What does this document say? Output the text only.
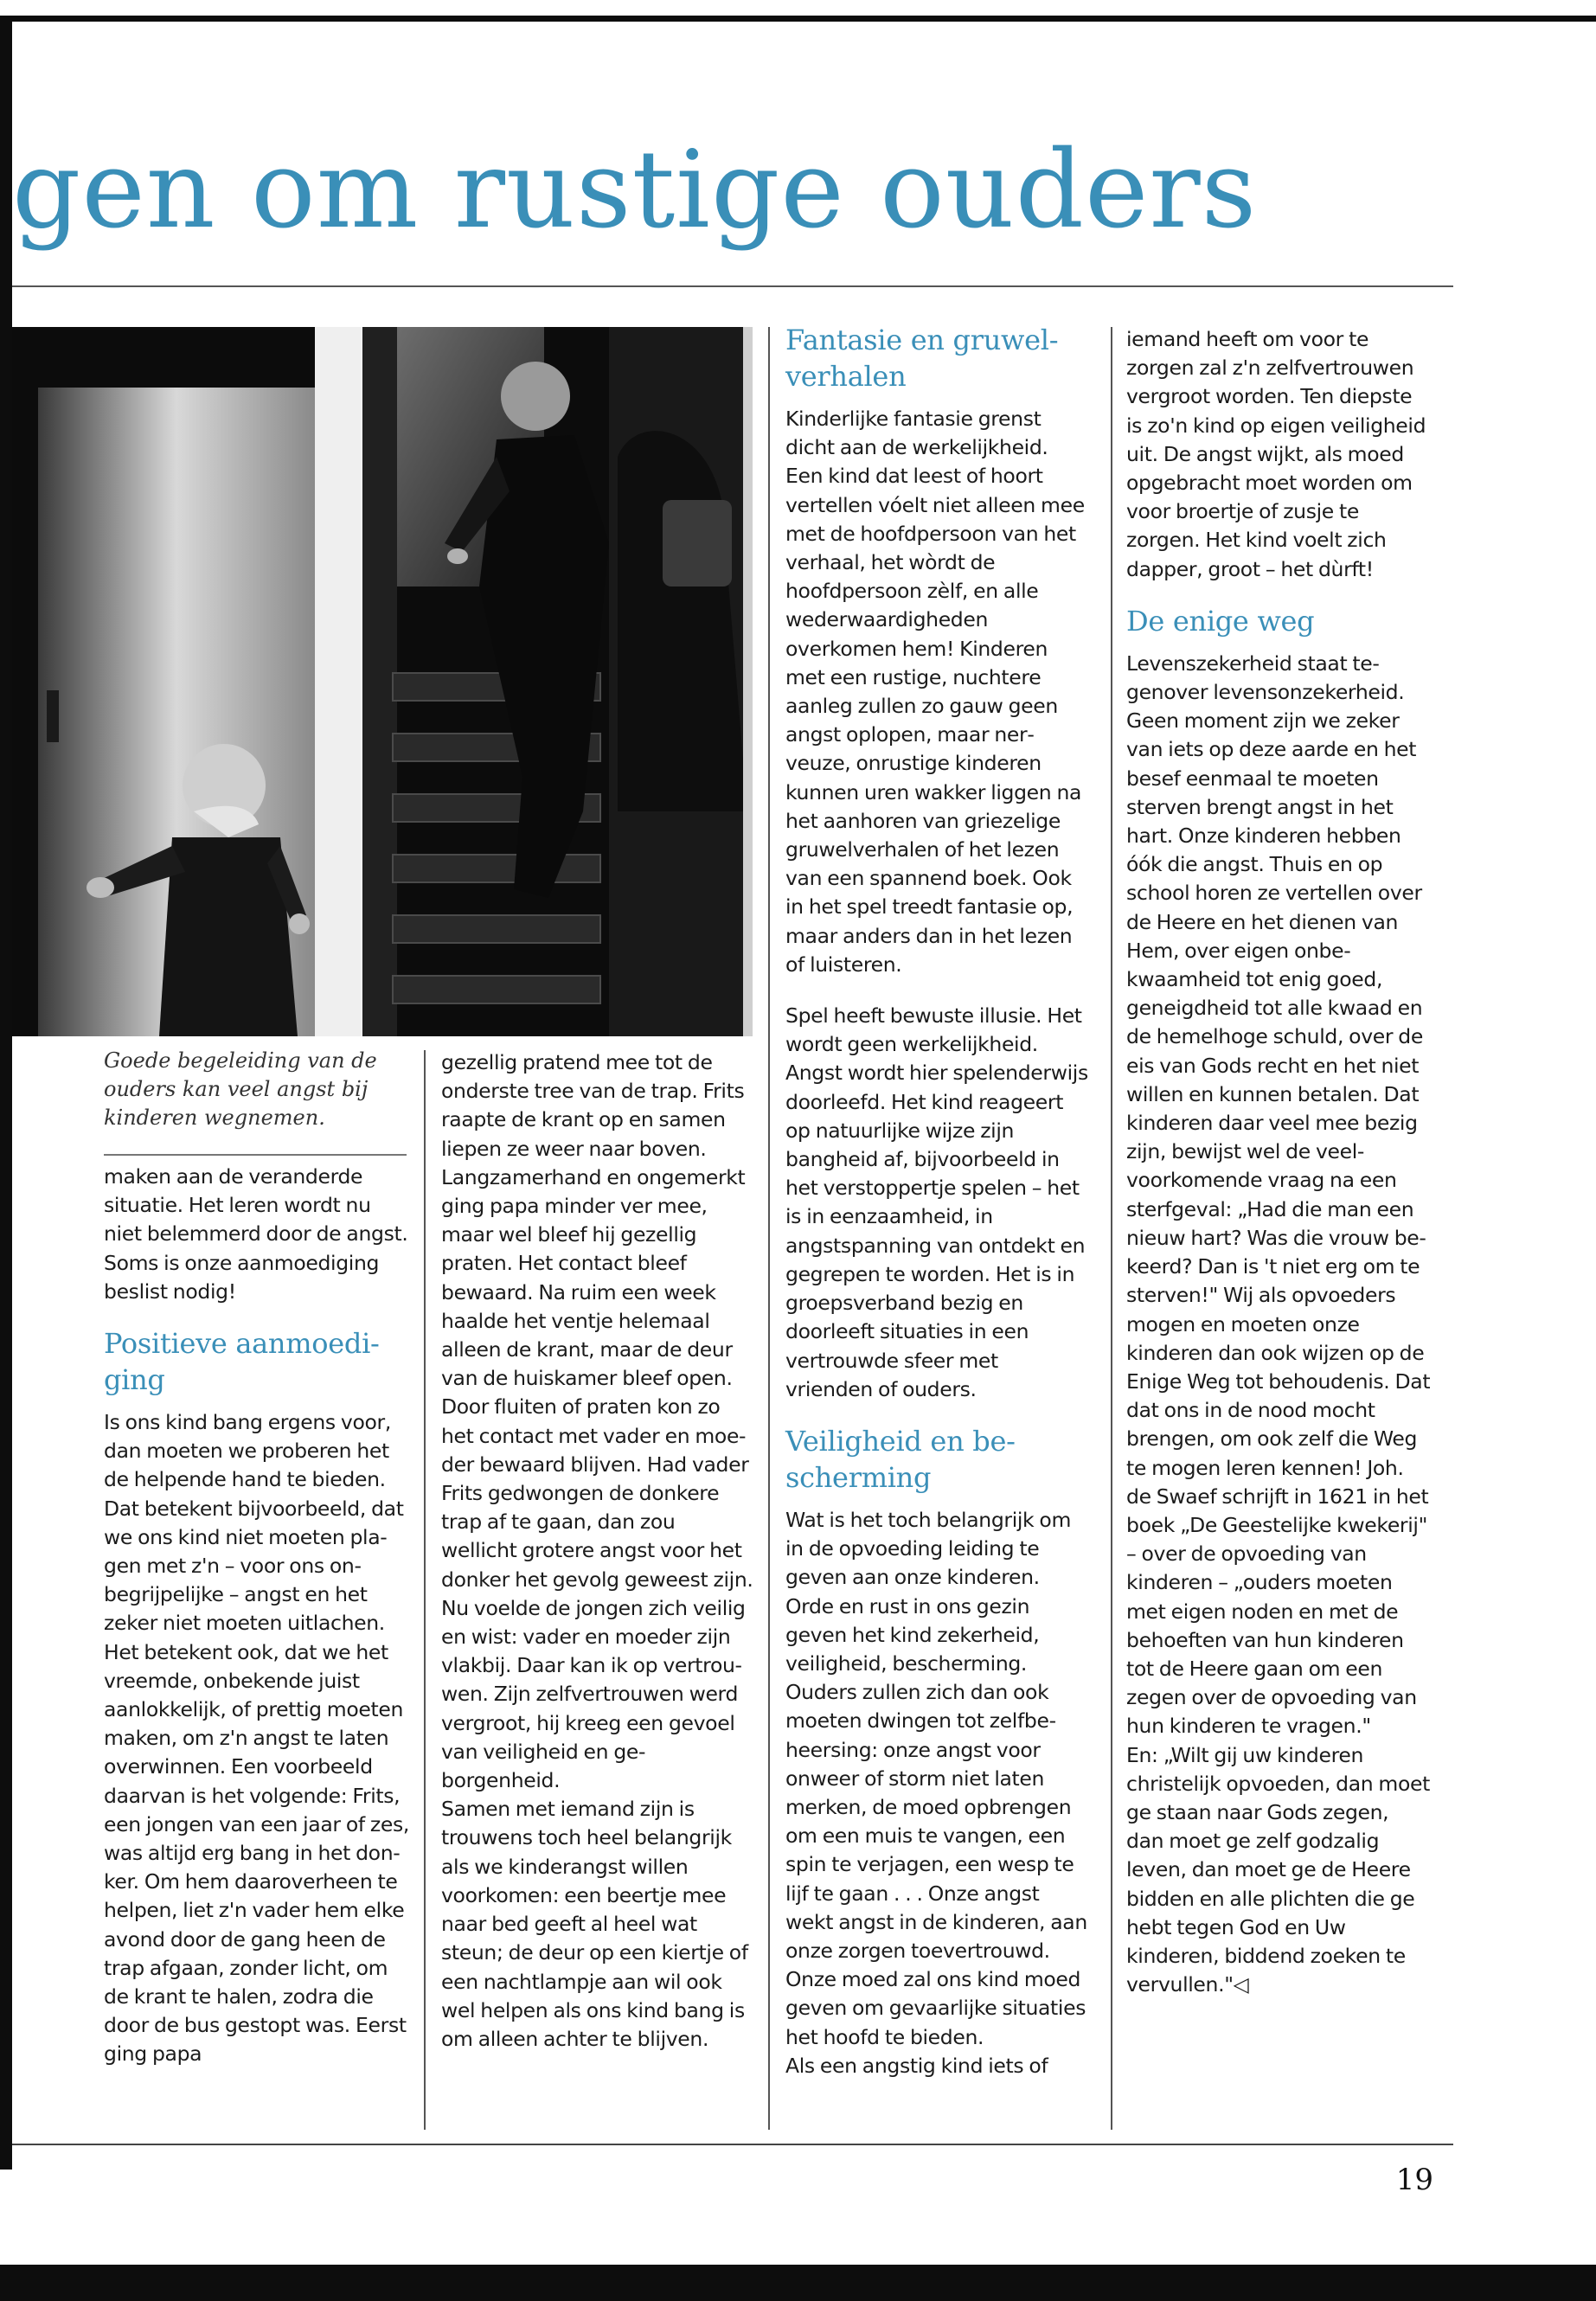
gen om rustige ouders

Goede begeleiding van de ouders kan veel angst bij kinderen wegnemen.

maken aan de veranderde situatie. Het leren wordt nu niet belemmerd door de angst. Soms is onze aanmoediging beslist nodig!

Positieve aanmoediging

Is ons kind bang ergens voor, dan moeten we proberen het de helpende hand te bieden. Dat betekent bijvoorbeeld, dat we ons kind niet moeten plagen met z'n – voor ons onbegrijpelijke – angst en het zeker niet moeten uitlachen. Het betekent ook, dat we het vreemde, onbekende juist aanlokkelijk, of prettig moeten maken, om z'n angst te laten overwinnen. Een voorbeeld daarvan is het volgende: Frits, een jongen van een jaar of zes, was altijd erg bang in het donker. Om hem daaroverheen te helpen, liet z'n vader hem elke avond door de gang heen de trap afgaan, zonder licht, om de krant te halen, zodra die door de bus gestopt was. Eerst ging papa

gezellig pratend mee tot de onderste tree van de trap. Frits raapte de krant op en samen liepen ze weer naar boven. Langzamerhand en ongemerkt ging papa minder ver mee, maar wel bleef hij gezellig praten. Het contact bleef bewaard. Na ruim een week haalde het ventje helemaal alleen de krant, maar de deur van de huiskamer bleef open. Door fluiten of praten kon zo het contact met vader en moeder bewaard blijven. Had vader Frits gedwongen de donkere trap af te gaan, dan zou wellicht grotere angst voor het donker het gevolg geweest zijn. Nu voelde de jongen zich veilig en wist: vader en moeder zijn vlakbij. Daar kan ik op vertrouwen. Zijn zelfvertrouwen werd vergroot, hij kreeg een gevoel van veiligheid en geborgenheid.

Samen met iemand zijn is trouwens toch heel belangrijk als we kinderangst willen voorkomen: een beertje mee naar bed geeft al heel wat steun; de deur op een kiertje of een nachtlampje aan wil ook wel helpen als ons kind bang is om alleen achter te blijven.

Fantasie en gruwelverhalen

Kinderlijke fantasie grenst dicht aan de werkelijkheid. Een kind dat leest of hoort vertellen vóelt niet alleen mee met de hoofdpersoon van het verhaal, het wòrdt de hoofdpersoon zèlf, en alle wederwaardigheden overkomen hem! Kinderen met een rustige, nuchtere aanleg zullen zo gauw geen angst oplopen, maar nerveuze, onrustige kinderen kunnen uren wakker liggen na het aanhoren van griezelige gruwelverhalen of het lezen van een spannend boek. Ook in het spel treedt fantasie op, maar anders dan in het lezen of luisteren.

Spel heeft bewuste illusie. Het wordt geen werkelijkheid. Angst wordt hier spelenderwijs doorleefd. Het kind reageert op natuurlijke wijze zijn bangheid af, bijvoorbeeld in het verstoppertje spelen – het is in eenzaamheid, in angstspanning van ontdekt en gegrepen te worden. Het is in groepsverband bezig en doorleeft situaties in een vertrouwde sfeer met vrienden of ouders.

Veiligheid en bescherming

Wat is het toch belangrijk om in de opvoeding leiding te geven aan onze kinderen. Orde en rust in ons gezin geven het kind zekerheid, veiligheid, bescherming. Ouders zullen zich dan ook moeten dwingen tot zelfbeheersing: onze angst voor onweer of storm niet laten merken, de moed opbrengen om een muis te vangen, een spin te verjagen, een wesp te lijf te gaan . . . Onze angst wekt angst in de kinderen, aan onze zorgen toevertrouwd. Onze moed zal ons kind moed geven om gevaarlijke situaties het hoofd te bieden.

Als een angstig kind iets of

iemand heeft om voor te zorgen zal z'n zelfvertrouwen vergroot worden. Ten diepste is zo'n kind op eigen veiligheid uit. De angst wijkt, als moed opgebracht moet worden om voor broertje of zusje te zorgen. Het kind voelt zich dapper, groot – het dùrft!

De enige weg

Levenszekerheid staat tegenover levensonzekerheid. Geen moment zijn we zeker van iets op deze aarde en het besef eenmaal te moeten sterven brengt angst in het hart. Onze kinderen hebben óók die angst. Thuis en op school horen ze vertellen over de Heere en het dienen van Hem, over eigen onbekwaamheid tot enig goed, geneigdheid tot alle kwaad en de hemelhoge schuld, over de eis van Gods recht en het niet willen en kunnen betalen. Dat kinderen daar veel mee bezig zijn, bewijst wel de veel-voorkomende vraag na een sterfgeval: „Had die man een nieuw hart? Was die vrouw bekeerd? Dan is 't niet erg om te sterven!" Wij als opvoeders mogen en moeten onze kinderen dan ook wijzen op de Enige Weg tot behoudenis. Dat dat ons in de nood mocht brengen, om ook zelf die Weg te mogen leren kennen! Joh. de Swaef schrijft in 1621 in het boek „De Geestelijke kwekerij" – over de opvoeding van kinderen – „ouders moeten met eigen noden en met de behoeften van hun kinderen tot de Heere gaan om een zegen over de opvoeding van hun kinderen te vragen."

En: „Wilt gij uw kinderen christelijk opvoeden, dan moet ge staan naar Gods zegen, dan moet ge zelf godzalig leven, dan moet ge de Heere bidden en alle plichten die ge hebt tegen God en Uw kinderen, biddend zoeken te vervullen."◁

19
